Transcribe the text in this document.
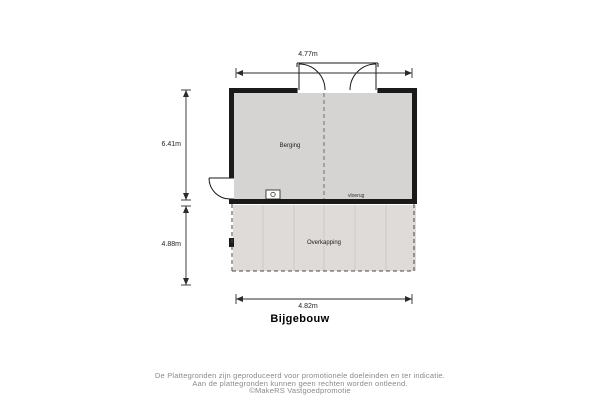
4.77m
4.82m
6.41m
4.88m
Berging
Overkapping
vloerug
Bijgebouw
De Plattegronden zijn geproduceerd voor promotionele doeleinden en ter indicatie.
Aan de plattegronden kunnen geen rechten worden ontleend.
©MakeRS Vastgoedpromotie
